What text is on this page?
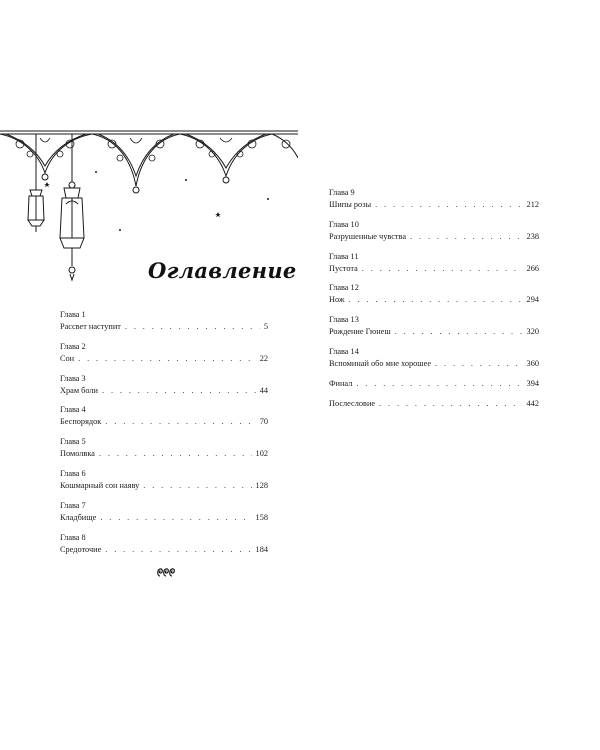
Оглавление
Глава 1
Рассвет наступит . . .	5
Глава 2
Сон . . .	22
Глава 3
Храм боли . . .	44
Глава 4
Беспорядок . . .	70
Глава 5
Помолвка . . .	102
Глава 6
Кошмарный сон наяву . . .	128
Глава 7
Кладбище . . .	158
Глава 8
Средоточие . . .	184
Глава 9
Шипы розы . . .	212
Глава 10
Разрушенные чувства . . .	238
Глава 11
Пустота . . .	266
Глава 12
Нож . . .	294
Глава 13
Рождение Гюнеш . . .	320
Глава 14
Вспоминай обо мне хорошее . . .	360
Финал . . .	394
Послесловие . . .	442
